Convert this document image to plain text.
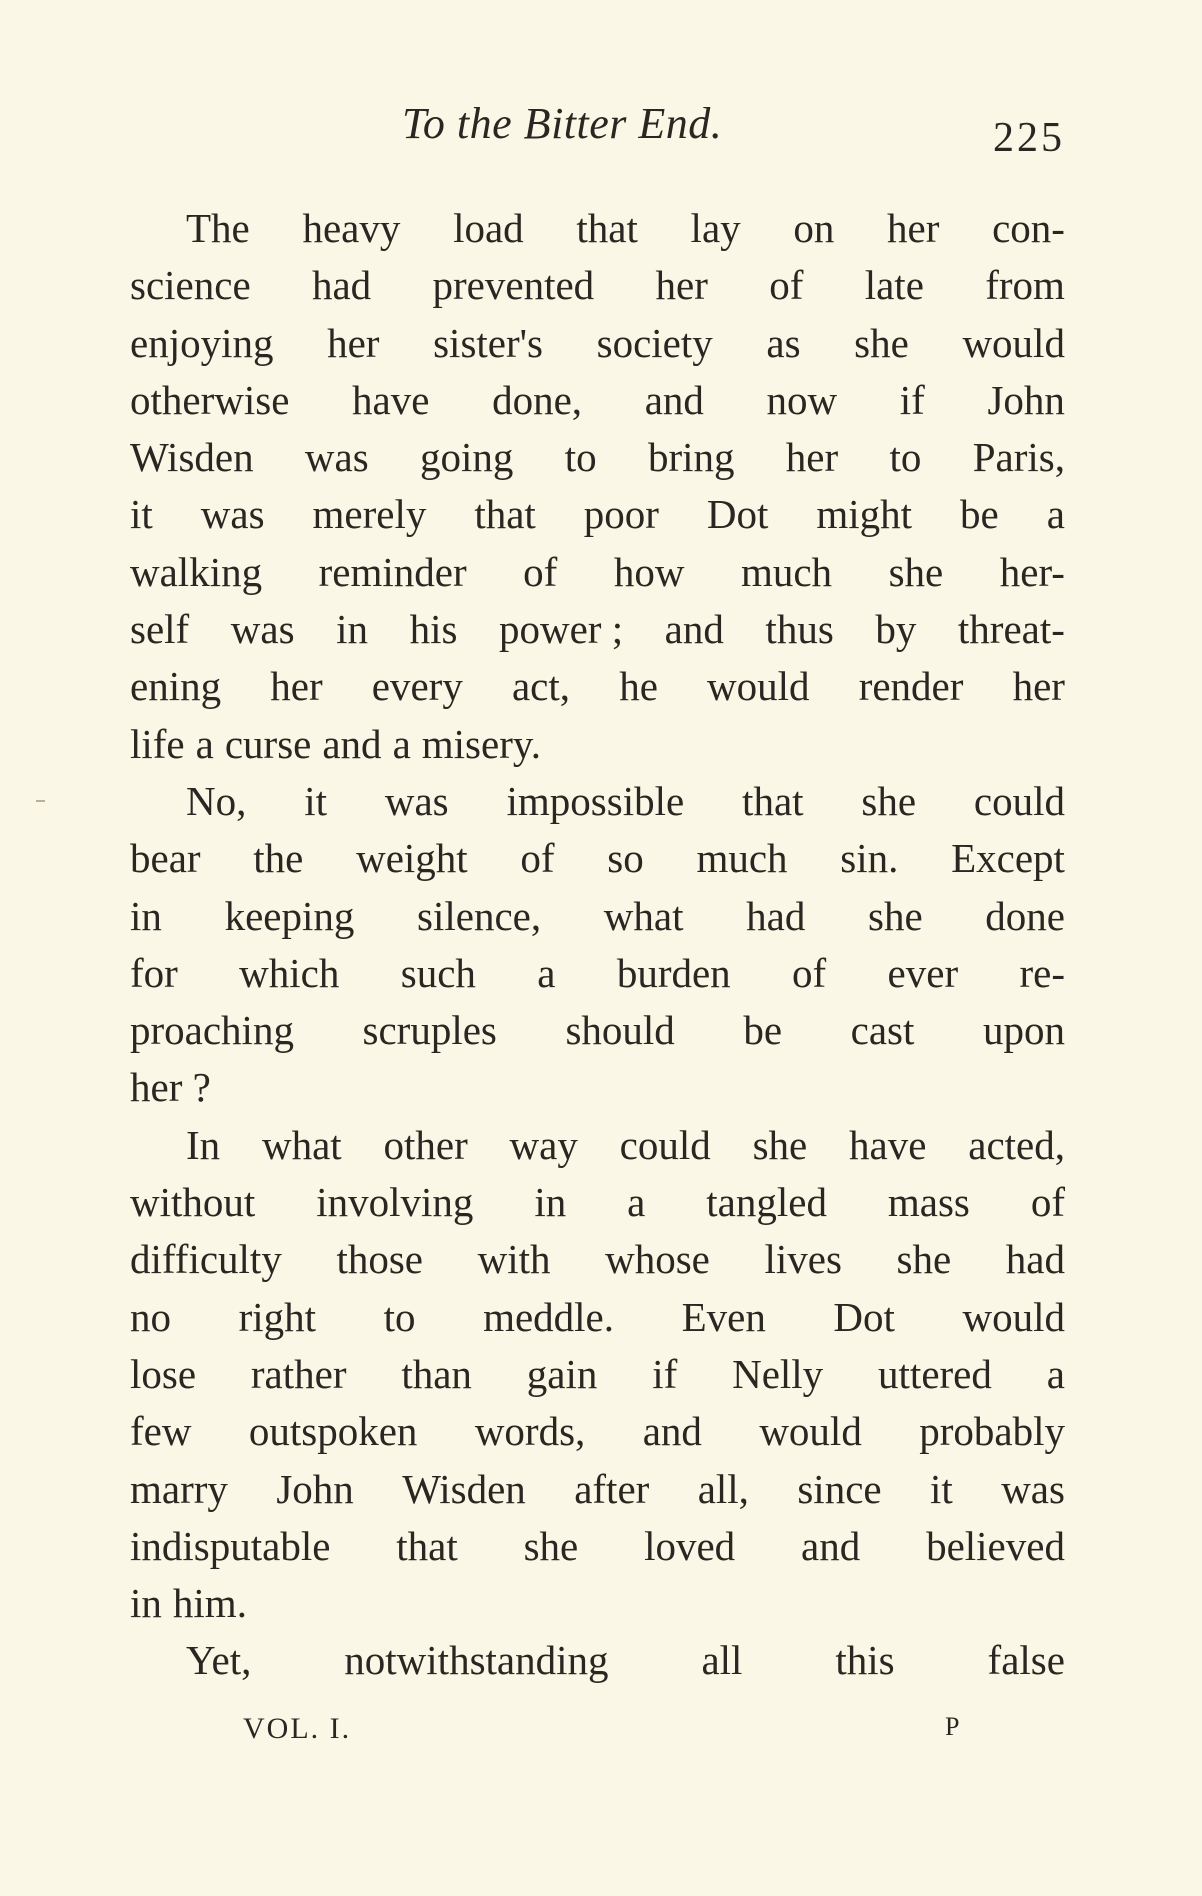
To the Bitter End.	225
The heavy load that lay on her con-
science had prevented her of late from
enjoying her sister's society as she would
otherwise have done, and now if John
Wisden was going to bring her to Paris,
it was merely that poor Dot might be a
walking reminder of how much she her-
self was in his power ; and thus by threat-
ening her every act, he would render her
life a curse and a misery.
No, it was impossible that she could
bear the weight of so much sin. Except
in keeping silence, what had she done
for which such a burden of ever re-
proaching scruples should be cast upon
her ?
In what other way could she have acted,
without involving in a tangled mass of
difficulty those with whose lives she had
no right to meddle. Even Dot would
lose rather than gain if Nelly uttered a
few outspoken words, and would probably
marry John Wisden after all, since it was
indisputable that she loved and believed
in him.
Yet, notwithstanding all this false
VOL. I.	P
